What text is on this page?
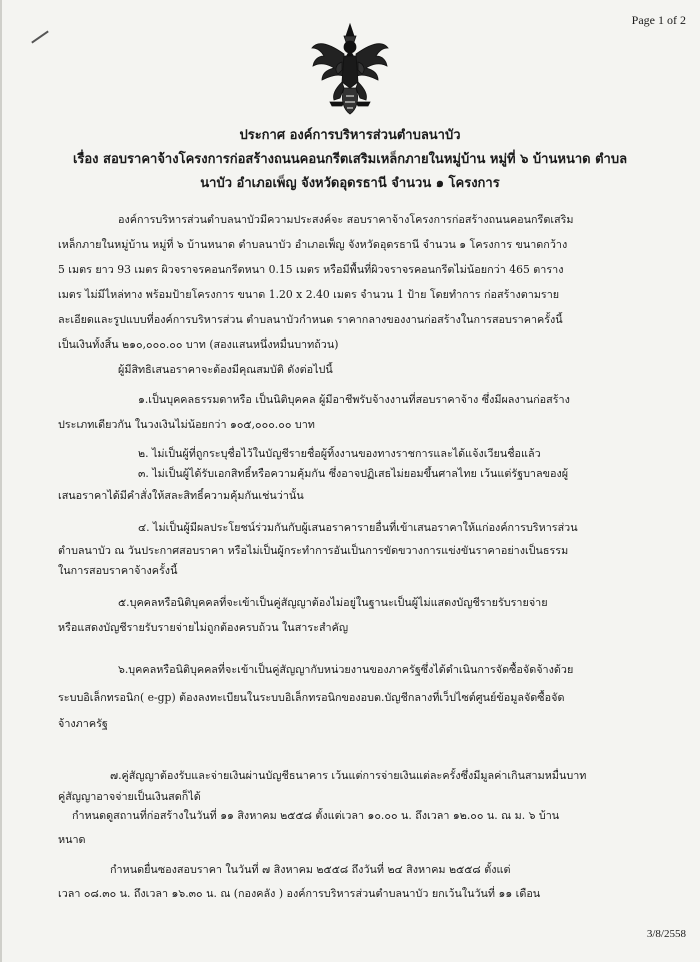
Page 1 of 2
ประกาศ องค์การบริหารส่วนตำบลนาบัว
เรื่อง สอบราคาจ้างโครงการก่อสร้างถนนคอนกรีตเสริมเหล็กภายในหมู่บ้าน หมู่ที่ ๖ บ้านหนาด ตำบล
นาบัว อำเภอเพ็ญ จังหวัดอุดรธานี จำนวน ๑ โครงการ
องค์การบริหารส่วนตำบลนาบัวมีความประสงค์จะ สอบราคาจ้างโครงการก่อสร้างถนนคอนกรีตเสริม
เหล็กภายในหมู่บ้าน หมู่ที่ ๖ บ้านหนาด ตำบลนาบัว อำเภอเพ็ญ จังหวัดอุดรธานี จำนวน ๑ โครงการ ขนาดกว้าง
5 เมตร ยาว 93 เมตร ผิวจราจรคอนกรีตหนา 0.15 เมตร หรือมีพื้นที่ผิวจราจรคอนกรีตไม่น้อยกว่า 465 ตาราง
เมตร ไม่มีไหล่ทาง พร้อมป้ายโครงการ ขนาด 1.20 x 2.40 เมตร จำนวน 1 ป้าย โดยทำการ ก่อสร้างตามราย
ละเอียดและรูปแบบที่องค์การบริหารส่วน ตำบลนาบัวกำหนด ราคากลางของงานก่อสร้างในการสอบราคาครั้งนี้
เป็นเงินทั้งสิ้น ๒๑๐,๐๐๐.๐๐ บาท (สองแสนหนึ่งหมื่นบาทถ้วน)
ผู้มีสิทธิเสนอราคาจะต้องมีคุณสมบัติ ดังต่อไปนี้
๑.เป็นบุคคลธรรมดาหรือ เป็นนิติบุคคล ผู้มีอาชีพรับจ้างงานที่สอบราคาจ้าง ซึ่งมีผลงานก่อสร้าง
ประเภทเดียวกัน ในวงเงินไม่น้อยกว่า ๑๐๕,๐๐๐.๐๐ บาท
๒. ไม่เป็นผู้ที่ถูกระบุชื่อไว้ในบัญชีรายชื่อผู้ทิ้งงานของทางราชการและได้แจ้งเวียนชื่อแล้ว
๓. ไม่เป็นผู้ได้รับเอกสิทธิ์หรือความคุ้มกัน ซึ่งอาจปฏิเสธไม่ยอมขึ้นศาลไทย เว้นแต่รัฐบาลของผู้
เสนอราคาได้มีคำสั่งให้สละสิทธิ์ความคุ้มกันเช่นว่านั้น
๔. ไม่เป็นผู้มีผลประโยชน์ร่วมกันกับผู้เสนอราคารายอื่นที่เข้าเสนอราคาให้แก่องค์การบริหารส่วน
ตำบลนาบัว ณ วันประกาศสอบราคา หรือไม่เป็นผู้กระทำการอันเป็นการขัดขวางการแข่งขันราคาอย่างเป็นธรรม
ในการสอบราคาจ้างครั้งนี้
๕.บุคคลหรือนิติบุคคลที่จะเข้าเป็นคู่สัญญาต้องไม่อยู่ในฐานะเป็นผู้ไม่แสดงบัญชีรายรับรายจ่าย
หรือแสดงบัญชีรายรับรายจ่ายไม่ถูกต้องครบถ้วน ในสาระสำคัญ
๖.บุคคลหรือนิติบุคคลที่จะเข้าเป็นคู่สัญญากับหน่วยงานของภาครัฐซึ่งได้ดำเนินการจัดซื้อจัดจ้างด้วย
ระบบอิเล็กทรอนิก( e-gp) ต้องลงทะเบียนในระบบอิเล็กทรอนิกของอบต.บัญชีกลางที่เว็ปไซต์ศูนย์ข้อมูลจัดซื้อจัด
จ้างภาครัฐ
๗.คู่สัญญาต้องรับและจ่ายเงินผ่านบัญชีธนาคาร เว้นแต่การจ่ายเงินแต่ละครั้งซึ่งมีมูลค่าเกินสามหมื่นบาท
คู่สัญญาอาจจ่ายเป็นเงินสดก็ได้
กำหนดดูสถานที่ก่อสร้างในวันที่ ๑๑ สิงหาคม ๒๕๕๘ ตั้งแต่เวลา ๑๐.๐๐ น. ถึงเวลา ๑๒.๐๐ น. ณ ม. ๖ บ้าน
หนาด
กำหนดยื่นซองสอบราคา ในวันที่ ๗ สิงหาคม ๒๕๕๘ ถึงวันที่ ๒๔ สิงหาคม ๒๕๕๘ ตั้งแต่
เวลา ๐๘.๓๐ น. ถึงเวลา ๑๖.๓๐ น. ณ (กองคลัง ) องค์การบริหารส่วนตำบลนาบัว ยกเว้นในวันที่ ๑๑ เดือน
3/8/2558
